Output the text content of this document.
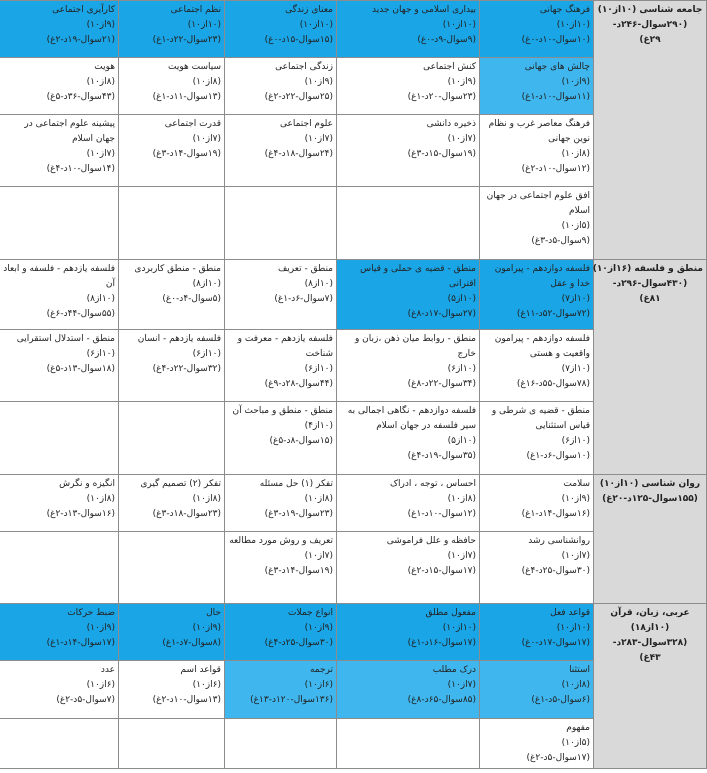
جامعه شناسی (۱۰از۱۰)
(۲۹۰سوال-۲۴۶د-
۲۹غ)	فرهنگ جهانی
(۱۰از۱۰)
(۱۰سوال-۱۰د-۰غ)	بیداری اسلامی و جهان جدید
(۱۰از۱۰)
(۹سوال-۹د-۰غ)	معنای زندگی
(۱۰از۱۰)
(۱۵سوال-۱۵د-۰غ)	نظم اجتماعی
(۱۰از۱۰)
(۲۳سوال-۲۲د-۱غ)	کارآیری اجتماعی
(۹از۱۰)
(۲۱سوال-۱۹د-۲غ)

	چالش های جهانی
(۹از۱۰)
(۱۱سوال-۱۰د-۱غ)	کنش اجتماعی
(۹از۱۰)
(۲۳سوال-۲۰د-۱غ)	زندگی اجتماعی
(۹از۱۰)
(۲۵سوال-۲۲د-۲غ)	سیاست هویت
(۸از۱۰)
(۱۳سوال-۱۱د-۱غ)	هویت
(۸از۱۰)
(۴۳سوال-۳۶د-۵غ)

	فرهنگ معاصر غرب و نظام نوین جهانی
(۸از۱۰)
(۱۲سوال-۱۰د-۲غ)	ذخیره دانشی
(۷از۱۰)
(۱۹سوال-۱۵د-۳غ)	علوم اجتماعی
(۷از۱۰)
(۲۴سوال-۱۸د-۴غ)	قدرت اجتماعی
(۷از۱۰)
(۱۹سوال-۱۴د-۳غ)	پیشینه علوم اجتماعی در جهان اسلام
(۷از۱۰)
(۱۴سوال-۱۰د-۴غ)

	افق علوم اجتماعی در جهان اسلام
(۵از۱۰)
(۹سوال-۵د-۳غ)				

منطق و فلسفه (۱۶از۱۰)
(۴۳۰سوال-۲۹۶د-
۸۱غ)	فلسفه دوازدهم - پیرامون خدا و عقل
(۱۰از۷)
(۷۲سوال-۵۲د-۱۱غ)	منطق - قضیه ی حملی و قیاس اقترانی
(۱۰از۵)
(۲۷سوال-۱۷د-۸غ)	منطق - تعریف
(۱۰از۸)
(۷سوال-۶د-۱غ)	منطق - منطق کاربردی
(۱۰از۸)
(۵سوال-۴د-۰غ)	فلسفه یازدهم - فلسفه و ابعاد آن
(۱۰از۸)
(۵۵سوال-۴۴د-۶غ)

	فلسفه دوازدهم - پیرامون واقعیت و هستی
(۱۰از۷)
(۷۸سوال-۵۵د-۱۶غ)	منطق - روابط میان ذهن ،زبان و خارج
(۱۰از۶)
(۳۴سوال-۲۲د-۸غ)	فلسفه یازدهم - معرفت و شناخت
(۱۰از۶)
(۴۴سوال-۲۸د-۹غ)	فلسفه یازدهم - انسان
(۱۰از۶)
(۳۲سوال-۲۲د-۴غ)	منطق - استدلال استقرایی
(۱۰از۶)
(۱۸سوال-۱۳د-۵غ)

	منطق - قضیه ی شرطی و قیاس استثنایی
(۱۰از۶)
(۱۰سوال-۶د-۱غ)	فلسفه دوازدهم - نگاهی اجمالی به سیر فلسفه در جهان اسلام
(۱۰از۵)
(۳۵سوال-۱۹د-۴غ)	منطق - منطق و مباحث آن
(۱۰از۴)
(۱۵سوال-۸د-۵غ)		

روان شناسی (۱۰از۱۰)
(۱۵۵سوال-۱۲۵د-۲۰غ)	سلامت
(۹از۱۰)
(۱۶سوال-۱۴د-۱غ)	احساس ، توجه ، ادراک
(۸از۱۰)
(۱۲سوال-۱۰د-۱غ)	تفکر (۱) حل مسئله
(۸از۱۰)
(۲۳سوال-۱۹د-۳غ)	تفکر (۲) تصمیم گیری
(۸از۱۰)
(۲۳سوال-۱۸د-۳غ)	انگیزه و نگرش
(۸از۱۰)
(۱۶سوال-۱۳د-۲غ)

	روانشناسی رشد
(۷از۱۰)
(۳۰سوال-۲۵د-۴غ)	حافظه و علل فراموشی
(۷از۱۰)
(۱۷سوال-۱۵د-۲غ)	تعریف و روش مورد مطالعه
(۷از۱۰)
(۱۹سوال-۱۴د-۳غ)		

عربی، زبان، قرآن
(۱۰از۱۸)
(۳۲۸سوال-۲۸۳د-
۴۳غ)	قواعد فعل
(۱۰از۱۰)
(۱۷سوال-۱۷د-۰غ)	مفعول مطلق
(۱۰از۱۰)
(۱۷سوال-۱۶د-۱غ)	انواع جملات
(۹از۱۰)
(۳۰سوال-۲۵د-۴غ)	حال
(۹از۱۰)
(۸سوال-۷د-۱غ)	ضبط حرکات
(۹از۱۰)
(۱۷سوال-۱۴د-۱غ)

	استثنا
(۸از۱۰)
(۶سوال-۵د-۱غ)	درک مطلب
(۷از۱۰)
(۸۵سوال-۶۵د-۸غ)	ترجمه
(۶از۱۰)
(۱۳۶سوال-۱۲۰د-۱۳غ)	قواعد اسم
(۶از۱۰)
(۱۳سوال-۱۰د-۲غ)	عدد
(۶از۱۰)
(۷سوال-۵د-۲غ)

	مفهوم
(۵از۱۰)
(۱۷سوال-۵د-۲غ)				
